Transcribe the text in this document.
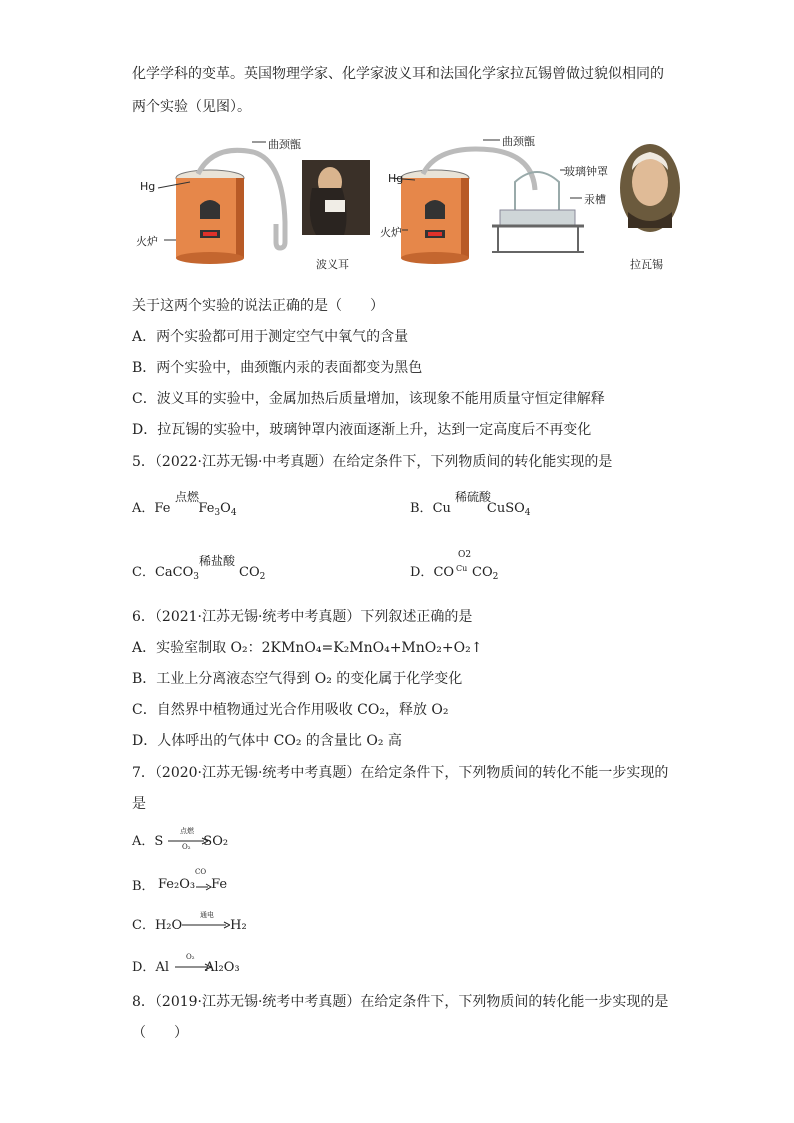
化学学科的变革。英国物理学家、化学家波义耳和法国化学家拉瓦锡曾做过貌似相同的
两个实验（见图）。
曲颈甑
Hg
火炉
波义耳
曲颈甑
玻璃钟罩
Hg
汞槽
火炉
拉瓦锡
关于这两个实验的说法正确的是（　　）
A．两个实验都可用于测定空气中氧气的含量
B．两个实验中，曲颈甑内汞的表面都变为黑色
C．波义耳的实验中，金属加热后质量增加，该现象不能用质量守恒定律解释
D．拉瓦锡的实验中，玻璃钟罩内液面逐渐上升，达到一定高度后不再变化
5．（2022·江苏无锡·中考真题）在给定条件下，下列物质间的转化能实现的是
A．Fe $Fe_3O_4$
点燃
B．Cu	CuSO$_4$
稀硫酸
C．CaCO$_3$	$CO_2$
稀盐酸
D．CO $CO_2$
O2
Cu
6．（2021·江苏无锡·统考中考真题）下列叙述正确的是
A．实验室制取 O₂：2KMnO₄=K₂MnO₄+MnO₂+O₂↑
B．工业上分离液态空气得到 O₂ 的变化属于化学变化
C．自然界中植物通过光合作用吸收 CO₂，释放 O₂
D．人体呼出的气体中 CO₂ 的含量比 O₂ 高
7．（2020·江苏无锡·统考中考真题）在给定条件下，下列物质间的转化不能一步实现的
是
A．S	SO₂
点燃
O₂
B． Fe₂O₃ Fe
CO
C．H₂O	H₂
通电
D．Al	Al₂O₃
O₂
8．（2019·江苏无锡·统考中考真题）在给定条件下，下列物质间的转化能一步实现的是
（　　）
